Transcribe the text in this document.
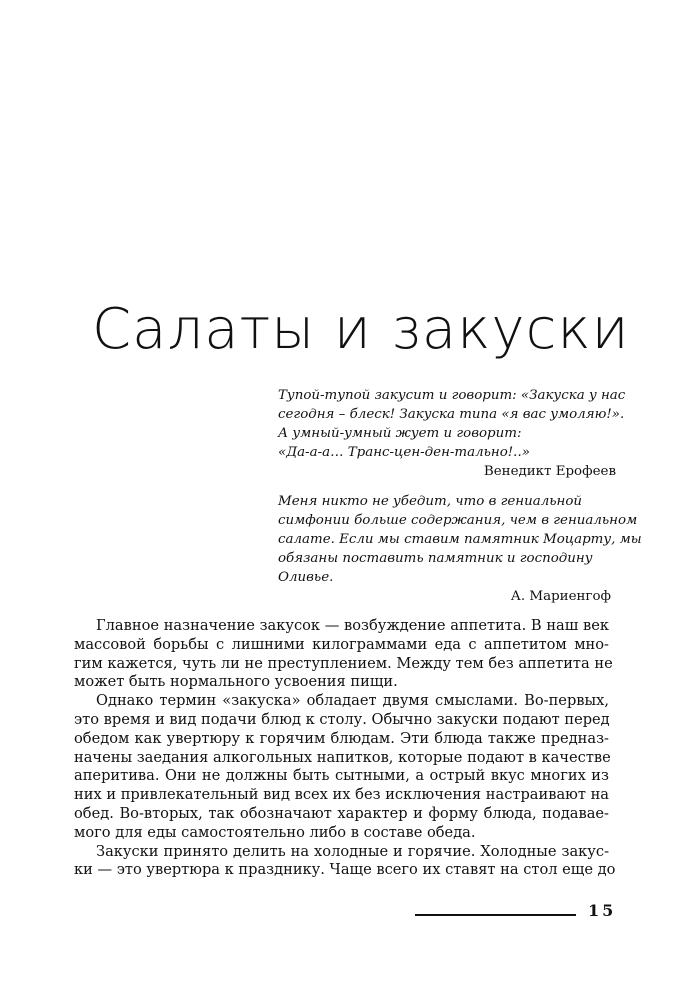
Салаты и закуски
Тупой-тупой закусит и говорит: «Закуска у нас
сегодня – блеск! Закуска типа «я вас умоляю!».
А умный-умный жует и говорит:
«Да-а-а… Транс-цен-ден-тально!..»
Венедикт Ерофеев
Меня никто не убедит, что в гениальной
симфонии больше содержания, чем в гениальном
салате. Если мы ставим памятник Моцарту, мы
обязаны поставить памятник и господину
Оливье.
А. Мариенгоф
Главное назначение закусок — возбуждение аппетита. В наш век
массовой борьбы с лишними килограммами еда с аппетитом мно-
гим кажется, чуть ли не преступлением. Между тем без аппетита не
может быть нормального усвоения пищи.
Однако термин «закуска» обладает двумя смыслами. Во-первых,
это время и вид подачи блюд к столу. Обычно закуски подают перед
обедом как увертюру к горячим блюдам. Эти блюда также предназ-
начены заедания алкогольных напитков, которые подают в качестве
аперитива. Они не должны быть сытными, а острый вкус многих из
них и привлекательный вид всех их без исключения настраивают на
обед. Во-вторых, так обозначают характер и форму блюда, подавае-
мого для еды самостоятельно либо в составе обеда.
Закуски принято делить на холодные и горячие. Холодные закус-
ки — это увертюра к празднику. Чаще всего их ставят на стол еще до
15
